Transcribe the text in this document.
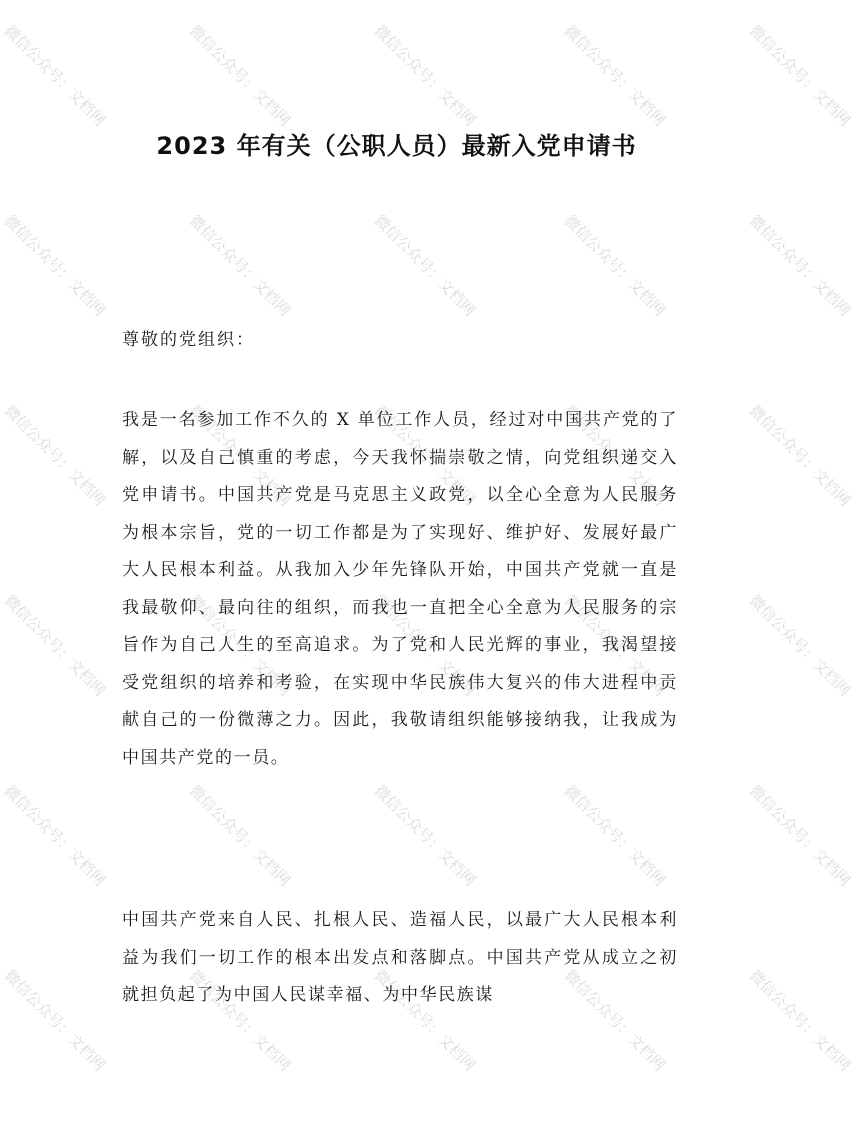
微信公众号：文档网	微信公众号：文档网	微信公众号：文档网	微信公众号：文档网	微信公众号：文档网
微信公众号：文档网	微信公众号：文档网	微信公众号：文档网	微信公众号：文档网	微信公众号：文档网
微信公众号：文档网	微信公众号：文档网	微信公众号：文档网	微信公众号：文档网	微信公众号：文档网
微信公众号：文档网	微信公众号：文档网	微信公众号：文档网	微信公众号：文档网	微信公众号：文档网
微信公众号：文档网	微信公众号：文档网	微信公众号：文档网	微信公众号：文档网	微信公众号：文档网
微信公众号：文档网	微信公众号：文档网	微信公众号：文档网	微信公众号：文档网	微信公众号：文档网
2023 年有关（公职人员）最新入党申请书
尊敬的党组织：

我是一名参加工作不久的 X 单位工作人员，经过对中国共产党的了解，以及自己慎重的考虑，今天我怀揣崇敬之情，向党组织递交入党申请书。中国共产党是马克思主义政党，以全心全意为人民服务为根本宗旨，党的一切工作都是为了实现好、维护好、发展好最广大人民根本利益。从我加入少年先锋队开始，中国共产党就一直是我最敬仰、最向往的组织，而我也一直把全心全意为人民服务的宗旨作为自己人生的至高追求。为了党和人民光辉的事业，我渴望接受党组织的培养和考验，在实现中华民族伟大复兴的伟大进程中贡献自己的一份微薄之力。因此，我敬请组织能够接纳我，让我成为中国共产党的一员。

中国共产党来自人民、扎根人民、造福人民，以最广大人民根本利益为我们一切工作的根本出发点和落脚点。中国共产党从成立之初就担负起了为中国人民谋幸福、为中华民族谋
